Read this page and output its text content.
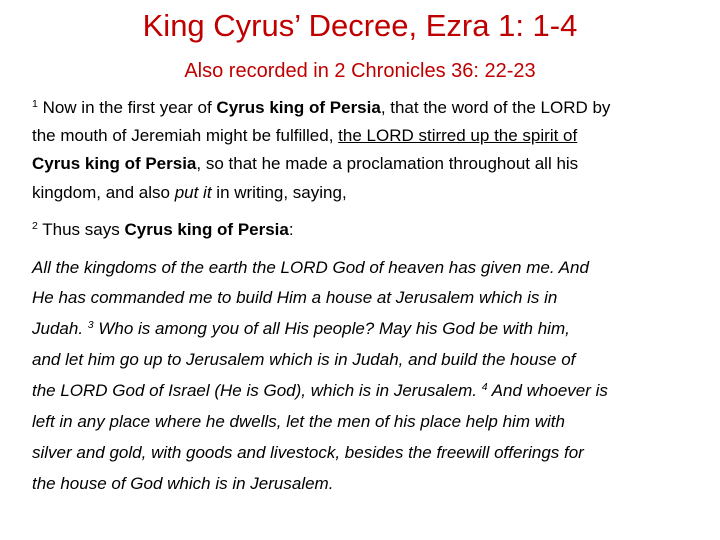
King Cyrus’ Decree, Ezra 1: 1-4
Also recorded in 2 Chronicles 36: 22-23
$^1$ Now in the first year of Cyrus king of Persia, that the word of the LORD by
the mouth of Jeremiah might be fulfilled, the LORD stirred up the spirit of
Cyrus king of Persia, so that he made a proclamation throughout all his
kingdom, and also put it in writing, saying,
$^2$ Thus says Cyrus king of Persia:
All the kingdoms of the earth the LORD God of heaven has given me. And
He has commanded me to build Him a house at Jerusalem which is in
Judah. $^3$ Who is among you of all His people? May his God be with him,
and let him go up to Jerusalem which is in Judah, and build the house of
the LORD God of Israel (He is God), which is in Jerusalem. $^4$ And whoever is
left in any place where he dwells, let the men of his place help him with
silver and gold, with goods and livestock, besides the freewill offerings for
the house of God which is in Jerusalem.
